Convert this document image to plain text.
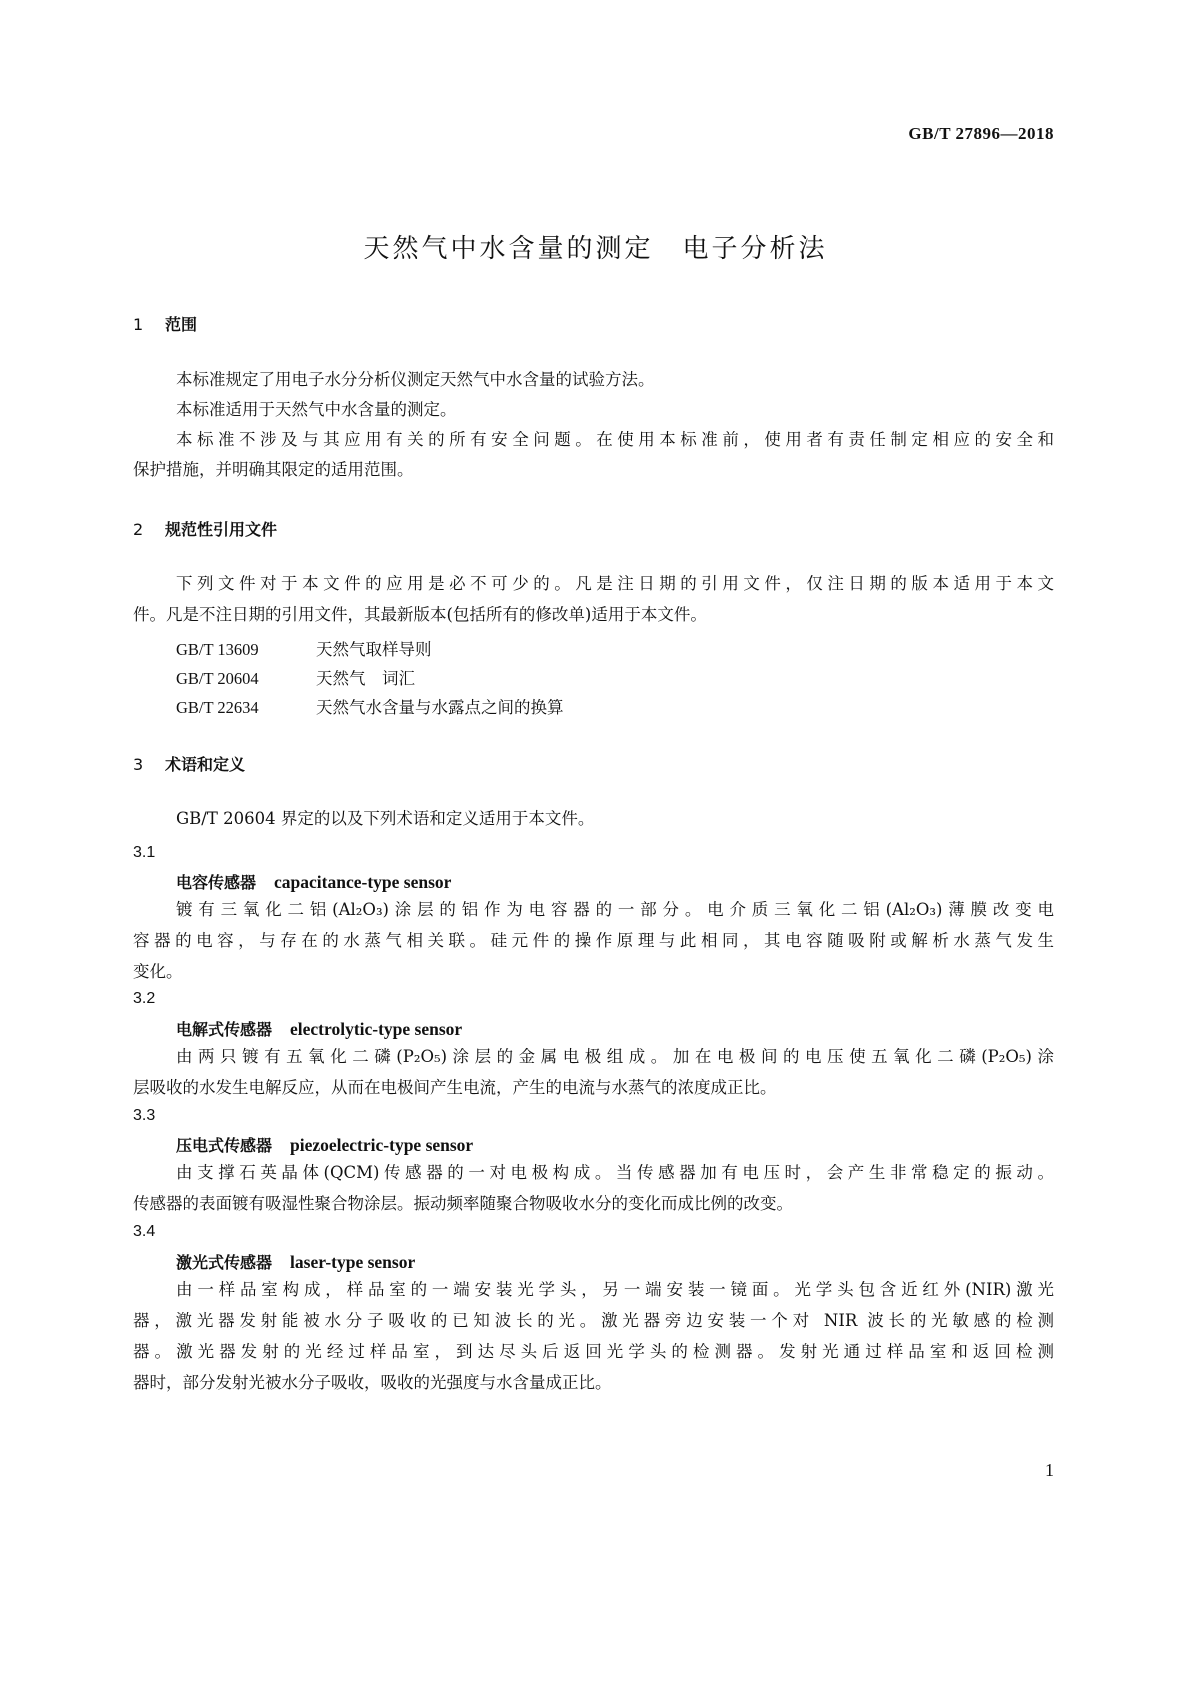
GB/T 27896—2018
天然气中水含量的测定　电子分析法
1 范围
本标准规定了用电子水分分析仪测定天然气中水含量的试验方法。
本标准适用于天然气中水含量的测定。
本标准不涉及与其应用有关的所有安全问题。在使用本标准前，使用者有责任制定相应的安全和
保护措施，并明确其限定的适用范围。
2 规范性引用文件
下列文件对于本文件的应用是必不可少的。凡是注日期的引用文件，仅注日期的版本适用于本文
件。凡是不注日期的引用文件，其最新版本(包括所有的修改单)适用于本文件。
GB/T 13609	天然气取样导则
GB/T 20604	天然气　词汇
GB/T 22634	天然气水含量与水露点之间的换算
3 术语和定义
GB/T 20604 界定的以及下列术语和定义适用于本文件。
3.1
电容传感器 capacitance-type sensor
镀有三氧化二铝(Al₂O₃)涂层的铝作为电容器的一部分。电介质三氧化二铝(Al₂O₃)薄膜改变电
容器的电容，与存在的水蒸气相关联。硅元件的操作原理与此相同，其电容随吸附或解析水蒸气发生
变化。
3.2
电解式传感器 electrolytic-type sensor
由两只镀有五氧化二磷(P₂O₅)涂层的金属电极组成。加在电极间的电压使五氧化二磷(P₂O₅)涂
层吸收的水发生电解反应，从而在电极间产生电流，产生的电流与水蒸气的浓度成正比。
3.3
压电式传感器 piezoelectric-type sensor
由支撑石英晶体(QCM)传感器的一对电极构成。当传感器加有电压时，会产生非常稳定的振动。
传感器的表面镀有吸湿性聚合物涂层。振动频率随聚合物吸收水分的变化而成比例的改变。
3.4
激光式传感器 laser-type sensor
由一样品室构成，样品室的一端安装光学头，另一端安装一镜面。光学头包含近红外(NIR)激光
器，激光器发射能被水分子吸收的已知波长的光。激光器旁边安装一个对 NIR 波长的光敏感的检测
器。激光器发射的光经过样品室，到达尽头后返回光学头的检测器。发射光通过样品室和返回检测
器时，部分发射光被水分子吸收，吸收的光强度与水含量成正比。
1
